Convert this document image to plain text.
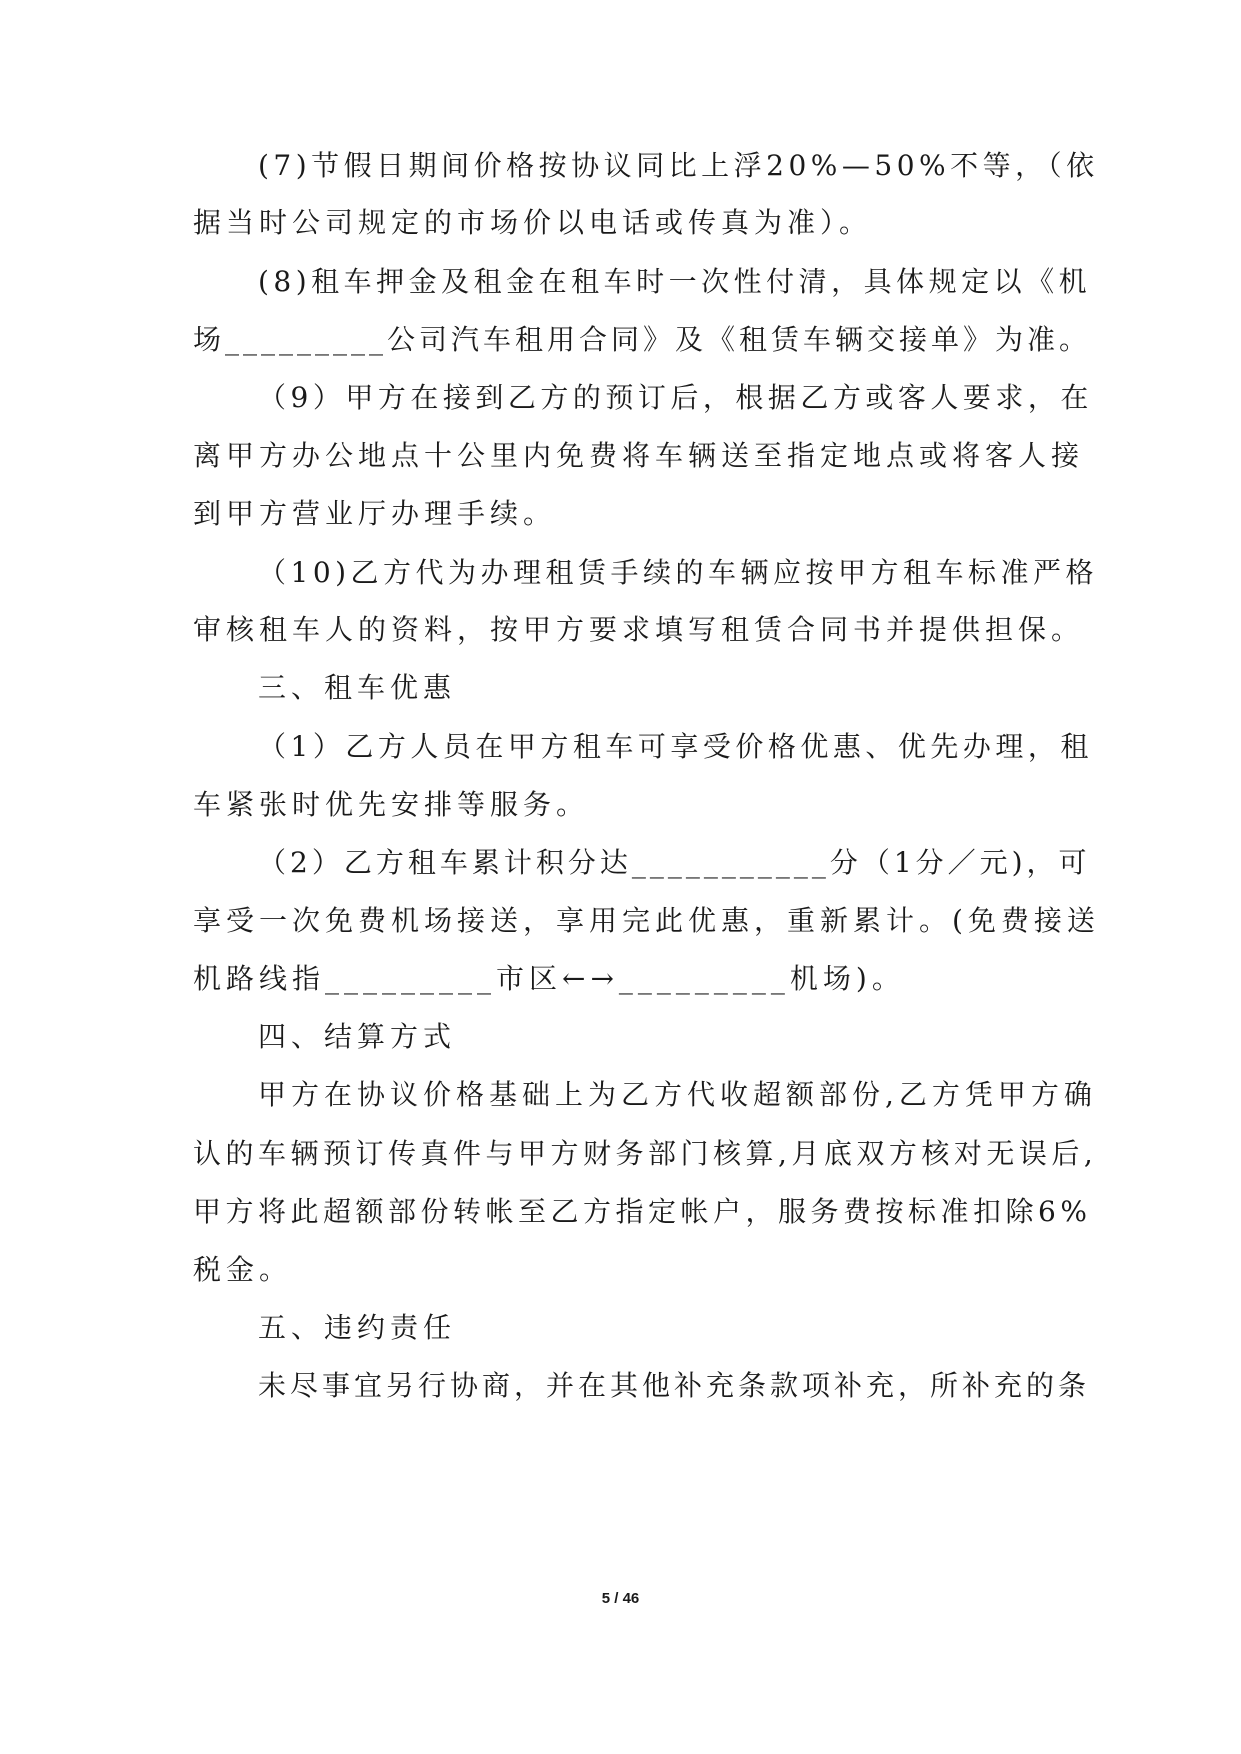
(7)节假日期间价格按协议同比上浮20%—50%不等，（依
据当时公司规定的市场价以电话或传真为准）。
(8)租车押金及租金在租车时一次性付清，具体规定以《机
场_________公司汽车租用合同》及《租赁车辆交接单》为准。
（9）甲方在接到乙方的预订后，根据乙方或客人要求，在
离甲方办公地点十公里内免费将车辆送至指定地点或将客人接
到甲方营业厅办理手续。
（10)乙方代为办理租赁手续的车辆应按甲方租车标准严格
审核租车人的资料，按甲方要求填写租赁合同书并提供担保。
三、租车优惠
（1）乙方人员在甲方租车可享受价格优惠、优先办理，租
车紧张时优先安排等服务。
（2）乙方租车累计积分达___________分（1分／元)，可
享受一次免费机场接送，享用完此优惠，重新累计。(免费接送
机路线指_________市区←→_________机场)。
四、结算方式
甲方在协议价格基础上为乙方代收超额部份,乙方凭甲方确
认的车辆预订传真件与甲方财务部门核算,月底双方核对无误后,
甲方将此超额部份转帐至乙方指定帐户，服务费按标准扣除6%
税金。
五、违约责任
未尽事宜另行协商，并在其他补充条款项补充，所补充的条
5 / 46
